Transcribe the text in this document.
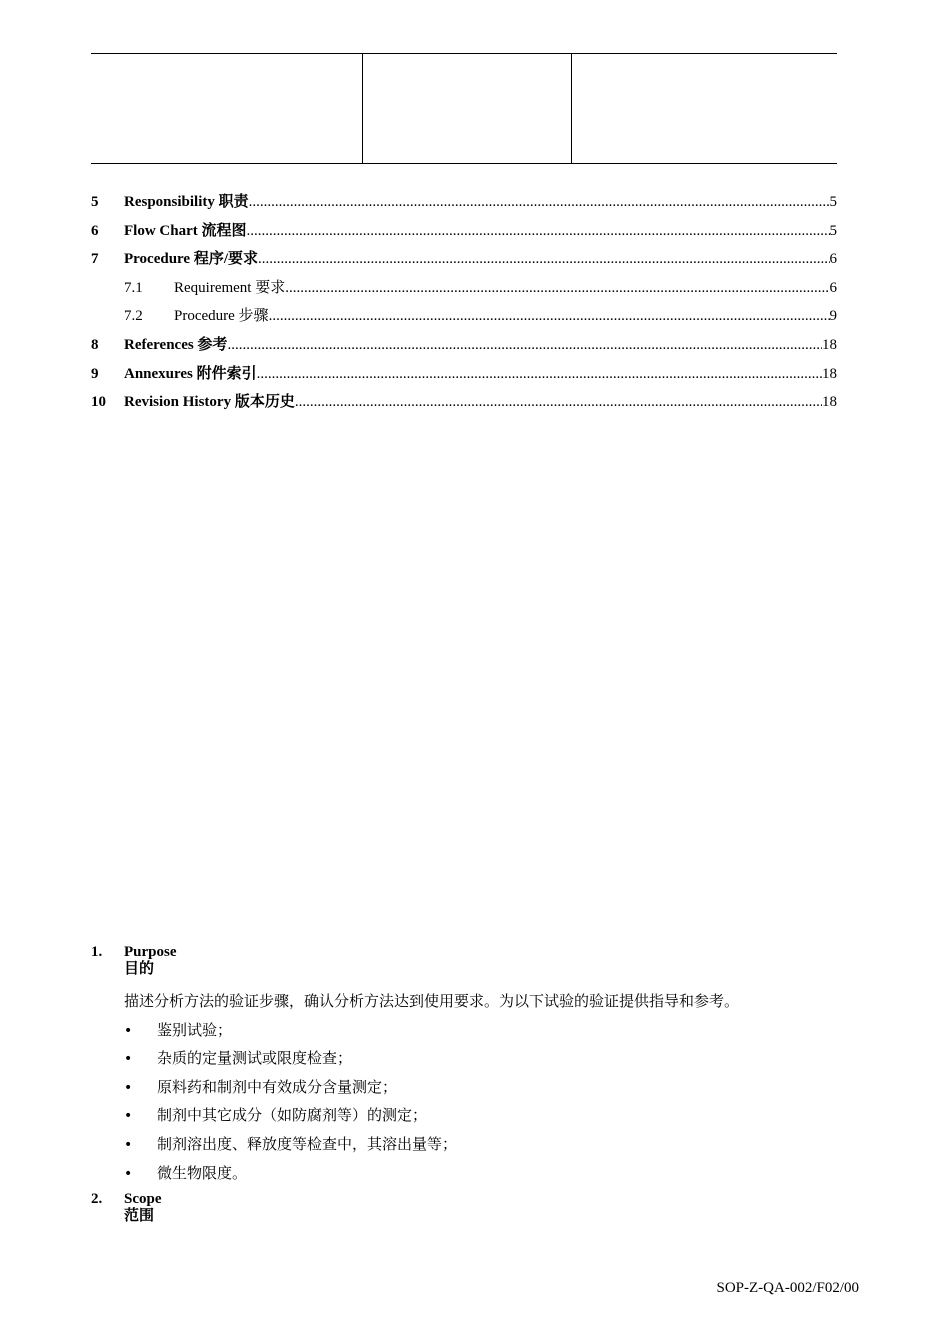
5	Responsibility 职责 .....	5
6	Flow Chart 流程图 .....	5
7	Procedure 程序/要求 .....	6
7.1	Requirement 要求 .....	6
7.2	Procedure 步骤 .....	9
8	References 参考 .....	18
9	Annexures 附件索引 .....	18
10	Revision History 版本历史 .....	18
1.	Purpose
目的
描述分析方法的验证步骤，确认分析方法达到使用要求。为以下试验的验证提供指导和参考。
•	鉴别试验；
•	杂质的定量测试或限度检查；
•	原料药和制剂中有效成分含量测定；
•	制剂中其它成分（如防腐剂等）的测定；
•	制剂溶出度、释放度等检查中，其溶出量等；
•	微生物限度。
2.	Scope
范围
SOP-Z-QA-002/F02/00
